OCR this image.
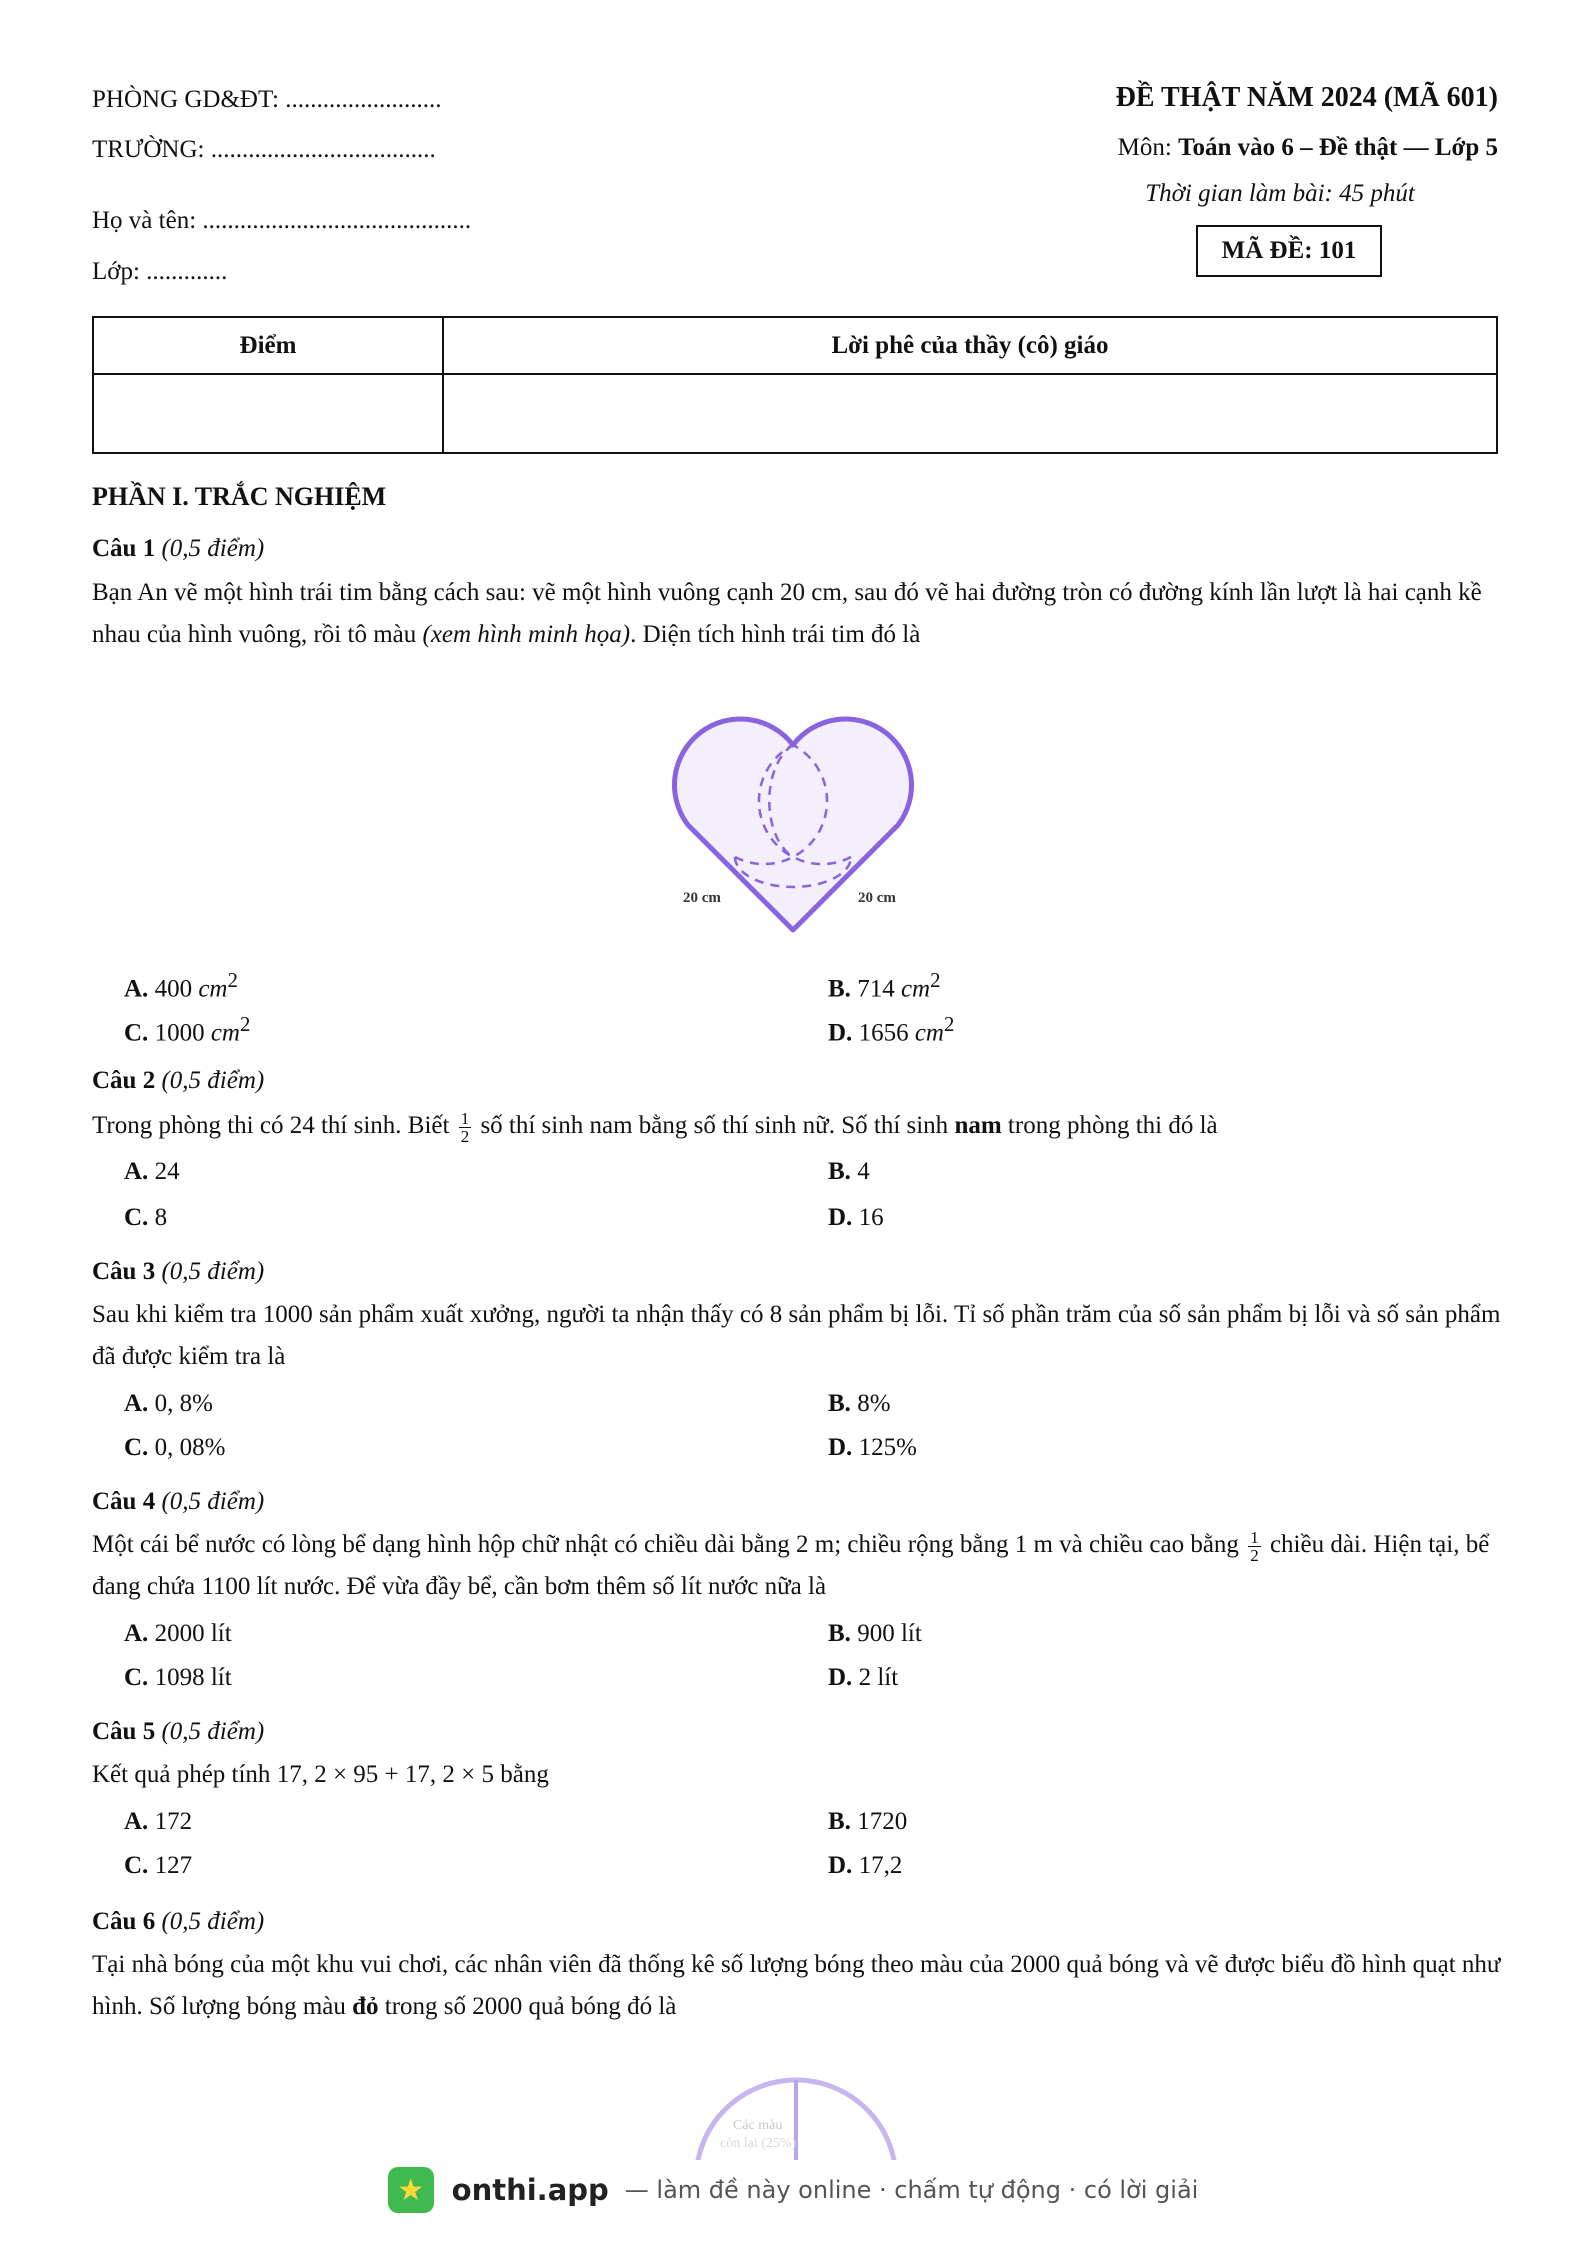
PHÒNG GD&ĐT: .........................
TRƯỜNG: ....................................
Họ và tên: ...........................................
Lớp: .............
ĐỀ THẬT NĂM 2024 (MÃ 601)
Môn: Toán vào 6 – Đề thật — Lớp 5
Thời gian làm bài: 45 phút
MÃ ĐỀ: 101
Điểm	Lời phê của thầy (cô) giáo
PHẦN I. TRẮC NGHIỆM
Câu 1 (0,5 điểm)
Bạn An vẽ một hình trái tim bằng cách sau: vẽ một hình vuông cạnh 20 cm, sau đó vẽ hai đường tròn có đường kính lần lượt là hai cạnh kề nhau của hình vuông, rồi tô màu (xem hình minh họa). Diện tích hình trái tim đó là
20 cm	20 cm
A. 400 $cm^2$	B. 714 $cm^2$
C. 1000 $cm^2$	D. 1656 $cm^2$
Câu 2 (0,5 điểm)
Trong phòng thi có 24 thí sinh. Biết $\frac{1}{2}$ số thí sinh nam bằng số thí sinh nữ. Số thí sinh nam trong phòng thi đó là
A. 24	B. 4
C. 8	D. 16
Câu 3 (0,5 điểm)
Sau khi kiểm tra 1000 sản phẩm xuất xưởng, người ta nhận thấy có 8 sản phẩm bị lỗi. Tỉ số phần trăm của số sản phẩm bị lỗi và số sản phẩm đã được kiểm tra là
A. 0, 8%	B. 8%
C. 0, 08%	D. 125%
Câu 4 (0,5 điểm)
Một cái bể nước có lòng bể dạng hình hộp chữ nhật có chiều dài bằng 2 m; chiều rộng bằng 1 m và chiều cao bằng $\frac{1}{2}$ chiều dài. Hiện tại, bể đang chứa 1100 lít nước. Để vừa đầy bể, cần bơm thêm số lít nước nữa là
A. 2000 lít	B. 900 lít
C. 1098 lít	D. 2 lít
Câu 5 (0,5 điểm)
Kết quả phép tính 17, 2 × 95 + 17, 2 × 5 bằng
A. 172	B. 1720
C. 127	D. 17,2
Câu 6 (0,5 điểm)
Tại nhà bóng của một khu vui chơi, các nhân viên đã thống kê số lượng bóng theo màu của 2000 quả bóng và vẽ được biểu đồ hình quạt như hình. Số lượng bóng màu đỏ trong số 2000 quả bóng đó là
Các màu
còn lại (25%)
★ onthi.app — làm đề này online · chấm tự động · có lời giải
